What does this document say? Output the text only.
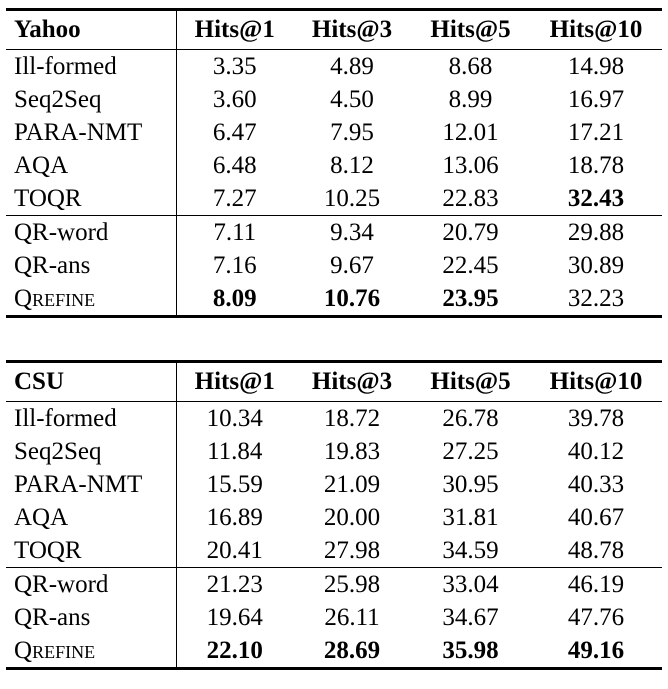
Yahoo	Hits@1	Hits@3	Hits@5	Hits@10
Ill-formed	3.35	4.89	8.68	14.98
Seq2Seq	3.60	4.50	8.99	16.97
PARA-NMT	6.47	7.95	12.01	17.21
AQA	6.48	8.12	13.06	18.78
TOQR	7.27	10.25	22.83	32.43
QR-word	7.11	9.34	20.79	29.88
QR-ans	7.16	9.67	22.45	30.89
Qrefine	8.09	10.76	23.95	32.23
CSU	Hits@1	Hits@3	Hits@5	Hits@10
Ill-formed	10.34	18.72	26.78	39.78
Seq2Seq	11.84	19.83	27.25	40.12
PARA-NMT	15.59	21.09	30.95	40.33
AQA	16.89	20.00	31.81	40.67
TOQR	20.41	27.98	34.59	48.78
QR-word	21.23	25.98	33.04	46.19
QR-ans	19.64	26.11	34.67	47.76
Qrefine	22.10	28.69	35.98	49.16
